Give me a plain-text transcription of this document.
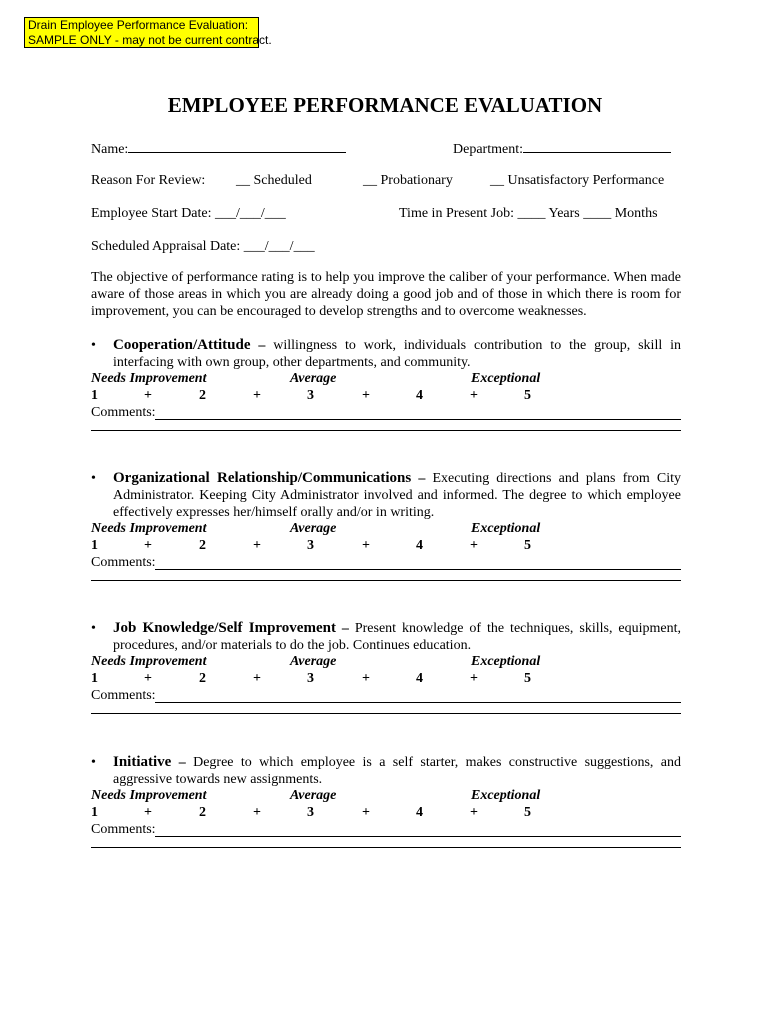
Drain Employee Performance Evaluation:
SAMPLE ONLY - may not be current contract.
EMPLOYEE PERFORMANCE EVALUATION
Name:	Department:
Reason For Review: __ Scheduled	__ Probationary	__ Unsatisfactory Performance
Employee Start Date: ___/___/___	Time in Present Job: ____ Years ____ Months
Scheduled Appraisal Date: ___/___/___
The objective of performance rating is to help you improve the caliber of your performance. When made aware of those areas in which you are already doing a good job and of those in which there is room for improvement, you can be encouraged to develop strengths and to overcome weaknesses.
• Cooperation/Attitude – willingness to work, individuals contribution to the group, skill in interfacing with own group, other departments, and community.
Needs Improvement	Average	Exceptional
1	+	2	+	3	+	4	+	5
Comments:
• Organizational Relationship/Communications – Executing directions and plans from City Administrator. Keeping City Administrator involved and informed. The degree to which employee effectively expresses her/himself orally and/or in writing.
Needs Improvement	Average	Exceptional
1	+	2	+	3	+	4	+	5
Comments:
• Job Knowledge/Self Improvement – Present knowledge of the techniques, skills, equipment, procedures, and/or materials to do the job. Continues education.
Needs Improvement	Average	Exceptional
1	+	2	+	3	+	4	+	5
Comments:
• Initiative – Degree to which employee is a self starter, makes constructive suggestions, and aggressive towards new assignments.
Needs Improvement	Average	Exceptional
1	+	2	+	3	+	4	+	5
Comments:
